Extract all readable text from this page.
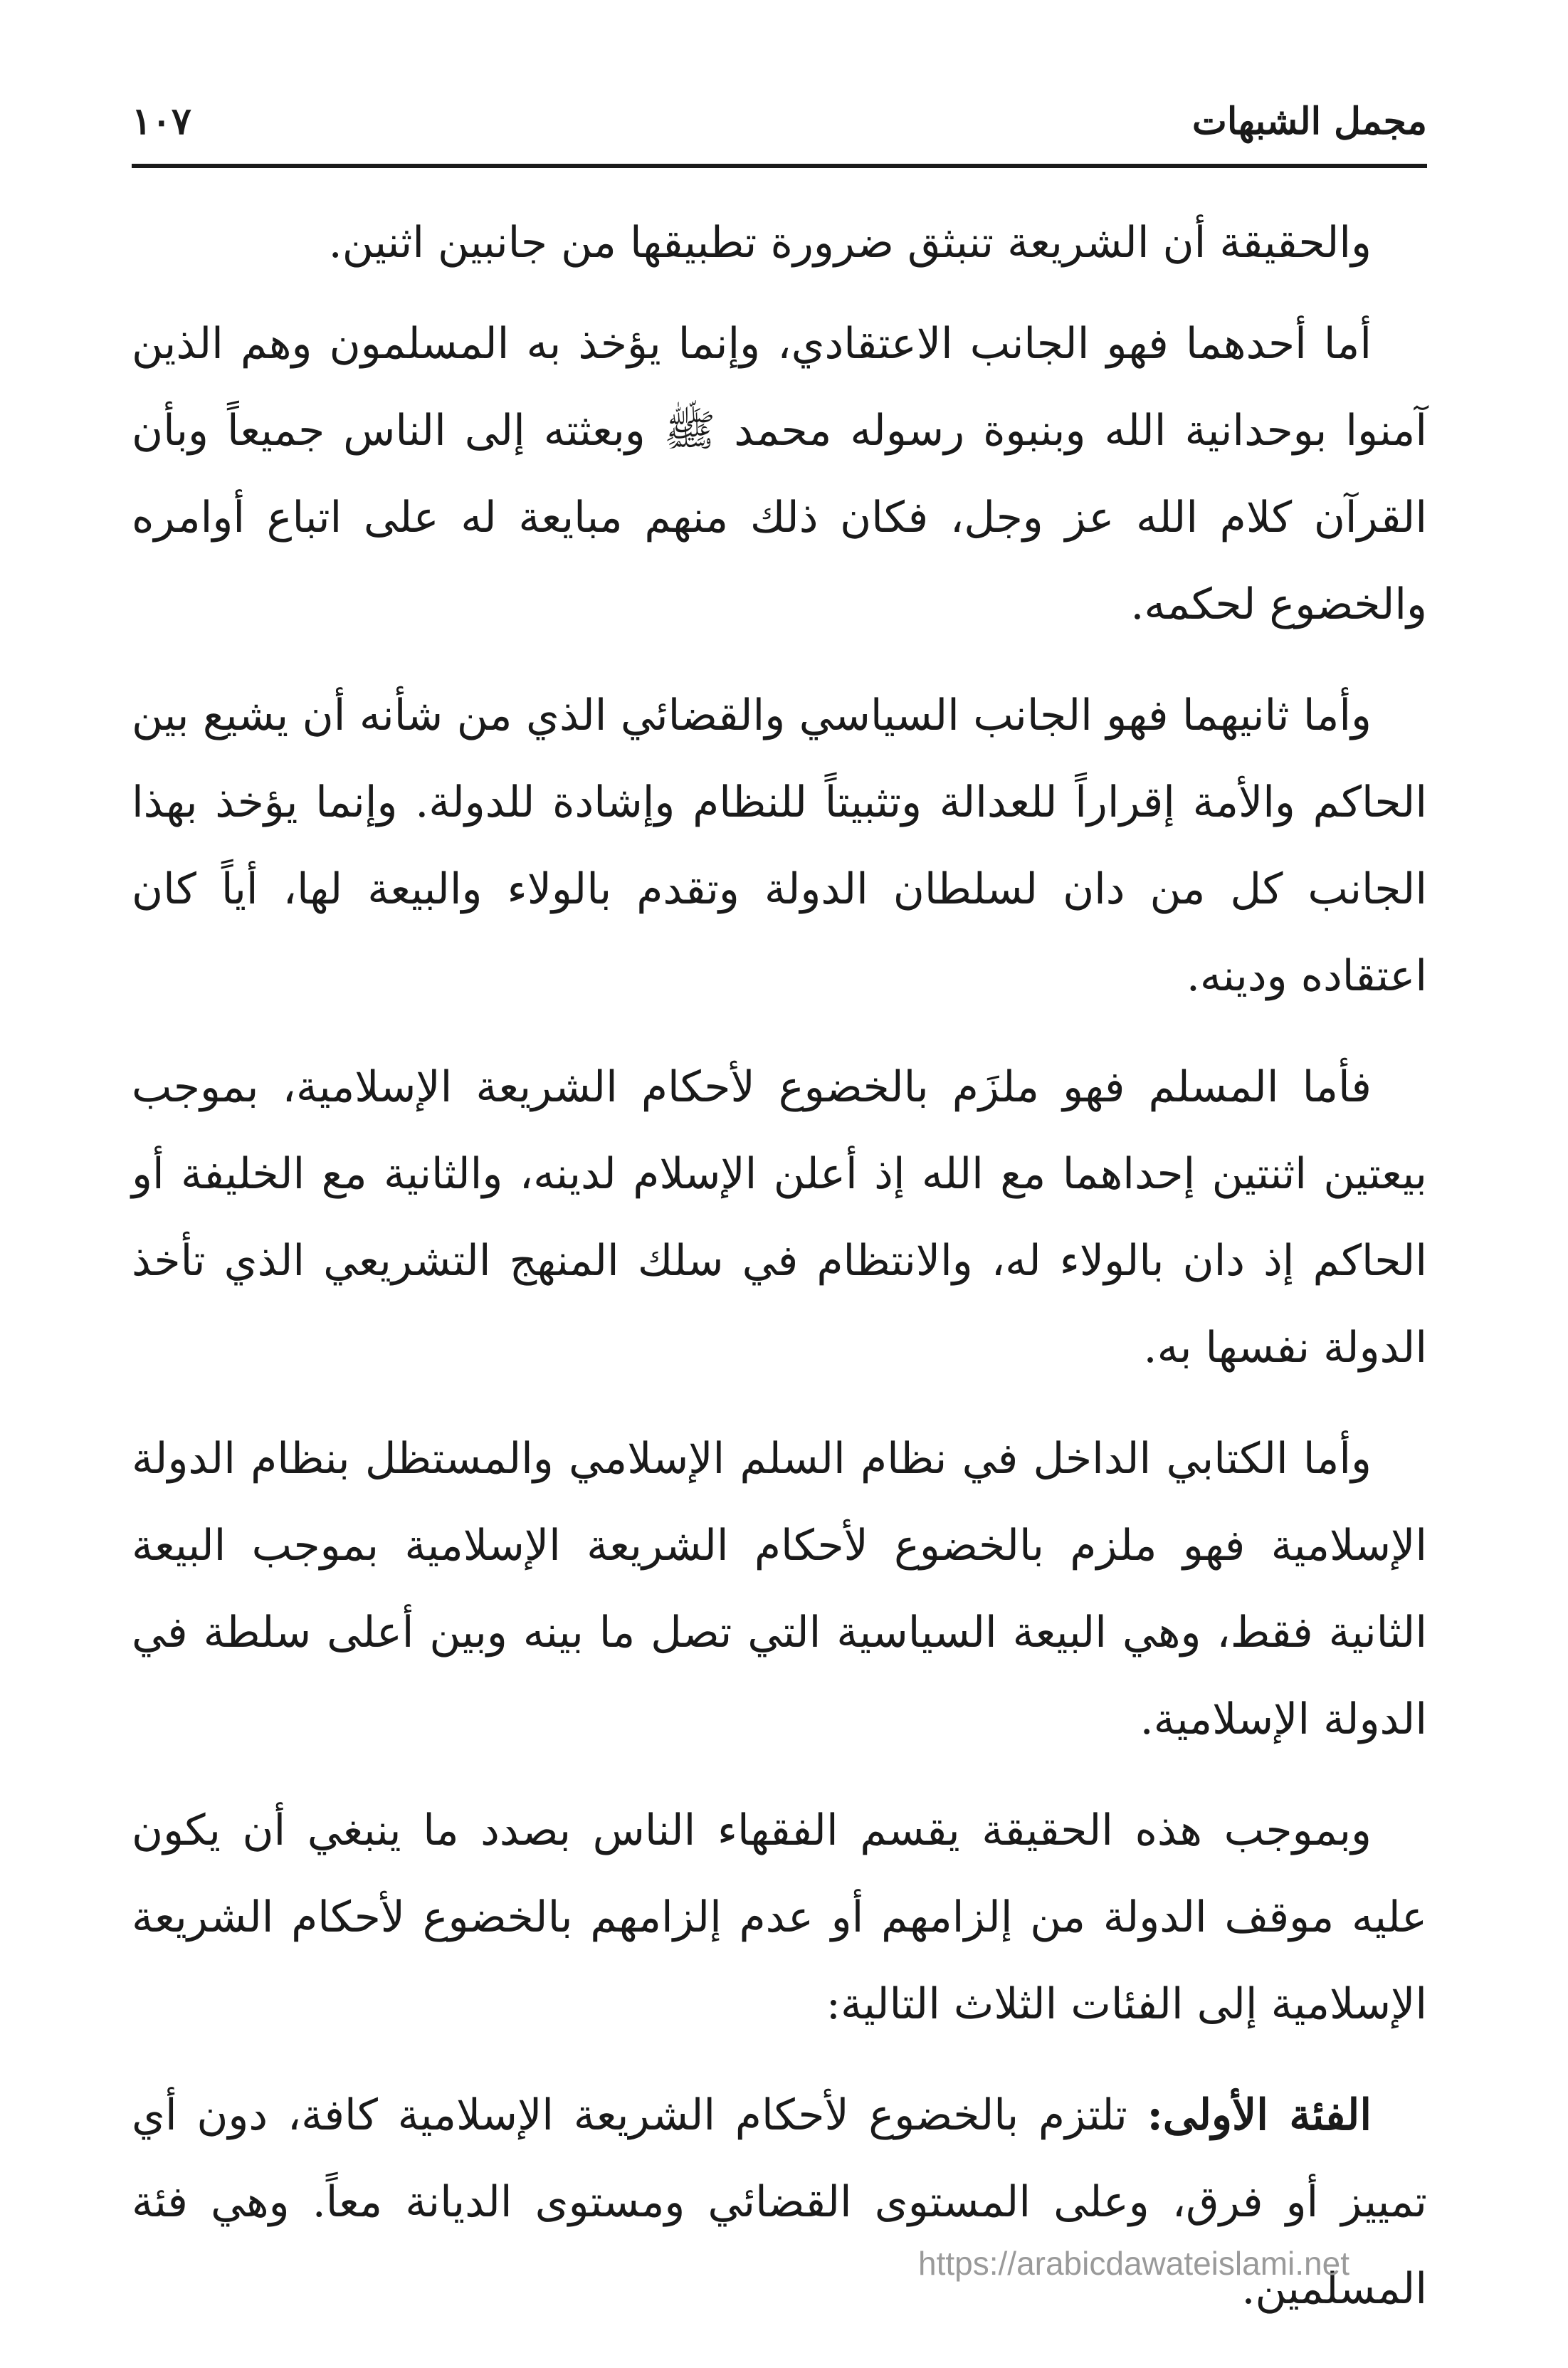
مجمل الشبهات
١٠٧

والحقيقة أن الشريعة تنبثق ضرورة تطبيقها من جانبين اثنين.

أما أحدهما فهو الجانب الاعتقادي، وإنما يؤخذ به المسلمون وهم الذين آمنوا بوحدانية الله وبنبوة رسوله محمد ﷺ وبعثته إلى الناس جميعاً وبأن القرآن كلام الله عز وجل، فكان ذلك منهم مبايعة له على اتباع أوامره والخضوع لحكمه.

وأما ثانيهما فهو الجانب السياسي والقضائي الذي من شأنه أن يشيع بين الحاكم والأمة إقراراً للعدالة وتثبيتاً للنظام وإشادة للدولة. وإنما يؤخذ بهذا الجانب كل من دان لسلطان الدولة وتقدم بالولاء والبيعة لها، أياً كان اعتقاده ودينه.

فأما المسلم فهو ملزَم بالخضوع لأحكام الشريعة الإسلامية، بموجب بيعتين اثنتين إحداهما مع الله إذ أعلن الإسلام لدينه، والثانية مع الخليفة أو الحاكم إذ دان بالولاء له، والانتظام في سلك المنهج التشريعي الذي تأخذ الدولة نفسها به.

وأما الكتابي الداخل في نظام السلم الإسلامي والمستظل بنظام الدولة الإسلامية فهو ملزم بالخضوع لأحكام الشريعة الإسلامية بموجب البيعة الثانية فقط، وهي البيعة السياسية التي تصل ما بينه وبين أعلى سلطة في الدولة الإسلامية.

وبموجب هذه الحقيقة يقسم الفقهاء الناس بصدد ما ينبغي أن يكون عليه موقف الدولة من إلزامهم أو عدم إلزامهم بالخضوع لأحكام الشريعة الإسلامية إلى الفئات الثلاث التالية:

الفئة الأولى: تلتزم بالخضوع لأحكام الشريعة الإسلامية كافة، دون أي تمييز أو فرق، وعلى المستوى القضائي ومستوى الديانة معاً. وهي فئة المسلمين.

https://arabicdawateislami.net
